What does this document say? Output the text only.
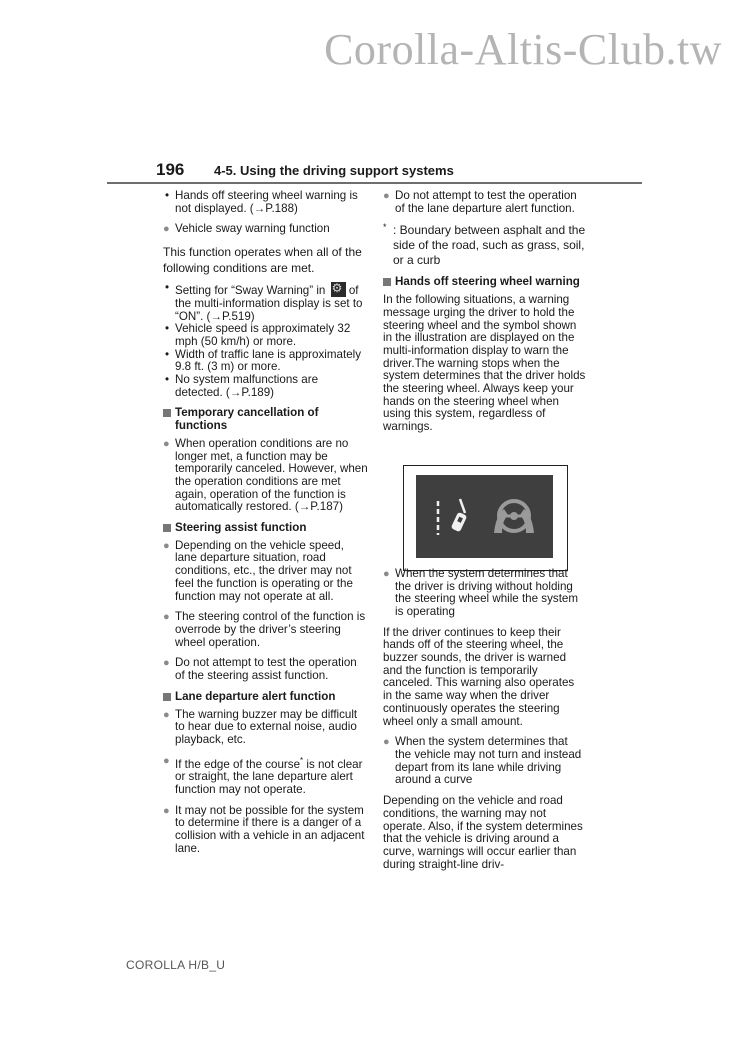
Corolla-Altis-Club.tw
196 4-5. Using the driving support systems
• Hands off steering wheel warning is not displayed. (→P.188)
● Vehicle sway warning function

This function operates when all of the following conditions are met.

• Setting for “Sway Warning” in ⚙ of the multi-information display is set to “ON”. (→P.519)
• Vehicle speed is approximately 32 mph (50 km/h) or more.
• Width of traffic lane is approximately 9.8 ft. (3 m) or more.
• No system malfunctions are detected. (→P.189)
Temporary cancellation of functions
● When operation conditions are no longer met, a function may be temporarily canceled. However, when the operation conditions are met again, operation of the function is automatically restored. (→P.187)
Steering assist function
● Depending on the vehicle speed, lane departure situation, road conditions, etc., the driver may not feel the function is operating or the function may not operate at all.
● The steering control of the function is overrode by the driver’s steering wheel operation.
● Do not attempt to test the operation of the steering assist function.
Lane departure alert function
● The warning buzzer may be difficult to hear due to external noise, audio playback, etc.
● If the edge of the course* is not clear or straight, the lane departure alert function may not operate.
● It may not be possible for the system to determine if there is a danger of a collision with a vehicle in an adjacent lane.
● Do not attempt to test the operation of the lane departure alert function.
* : Boundary between asphalt and the side of the road, such as grass, soil, or a curb
Hands off steering wheel warning

In the following situations, a warning message urging the driver to hold the steering wheel and the symbol shown in the illustration are displayed on the multi-information display to warn the driver.The warning stops when the system determines that the driver holds the steering wheel. Always keep your hands on the steering wheel when using this system, regardless of warnings.

● When the system determines that the driver is driving without holding the steering wheel while the system is operating

If the driver continues to keep their hands off of the steering wheel, the buzzer sounds, the driver is warned and the function is temporarily canceled. This warning also operates in the same way when the driver continuously operates the steering wheel only a small amount.

● When the system determines that the vehicle may not turn and instead depart from its lane while driving around a curve

Depending on the vehicle and road conditions, the warning may not operate. Also, if the system determines that the vehicle is driving around a curve, warnings will occur earlier than during straight-line driv-

COROLLA H/B_U
